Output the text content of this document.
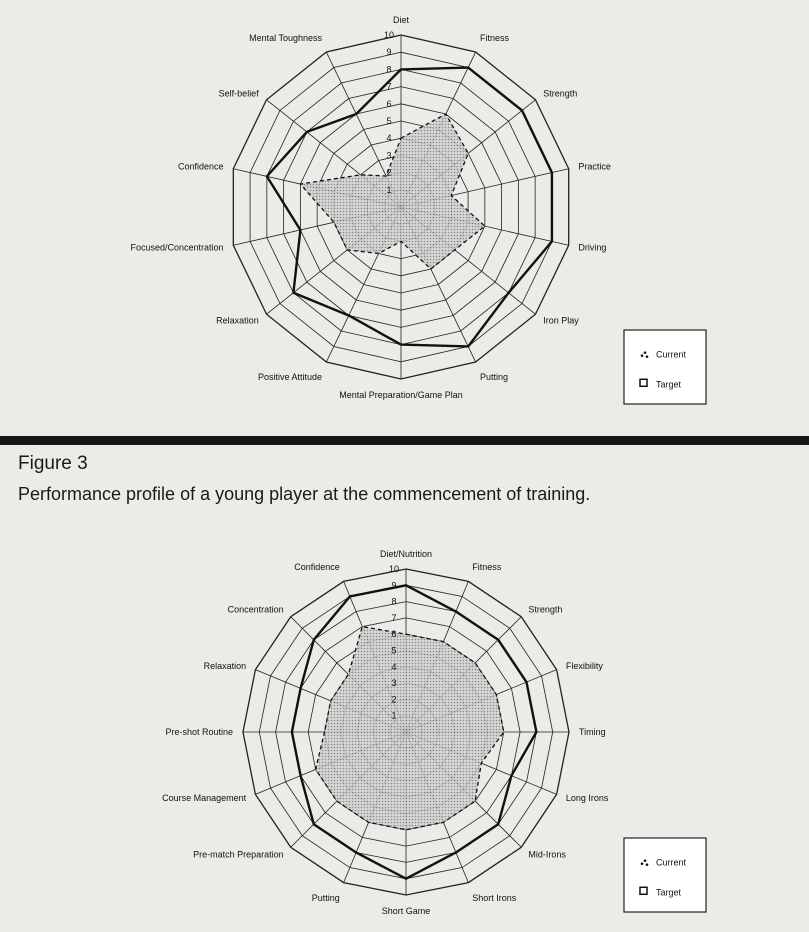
1
2
3
4
5
6
7
8
9
10
Diet
Fitness
Strength
Practice
Driving
Iron Play
Putting
Mental Preparation/Game Plan
Positive Attitude
Relaxation
Focused/Concentration
Confidence
Self-belief
Mental Toughness
Current
Target
Figure 3
Performance profile of a young player at the commencement of training.
1
2
3
4
5
6
7
8
9
10
Diet/Nutrition
Fitness
Strength
Flexibility
Timing
Long Irons
Mid-Irons
Short Irons
Short Game
Putting
Pre-match Preparation
Course Management
Pre-shot Routine
Relaxation
Concentration
Confidence
Current
Target
